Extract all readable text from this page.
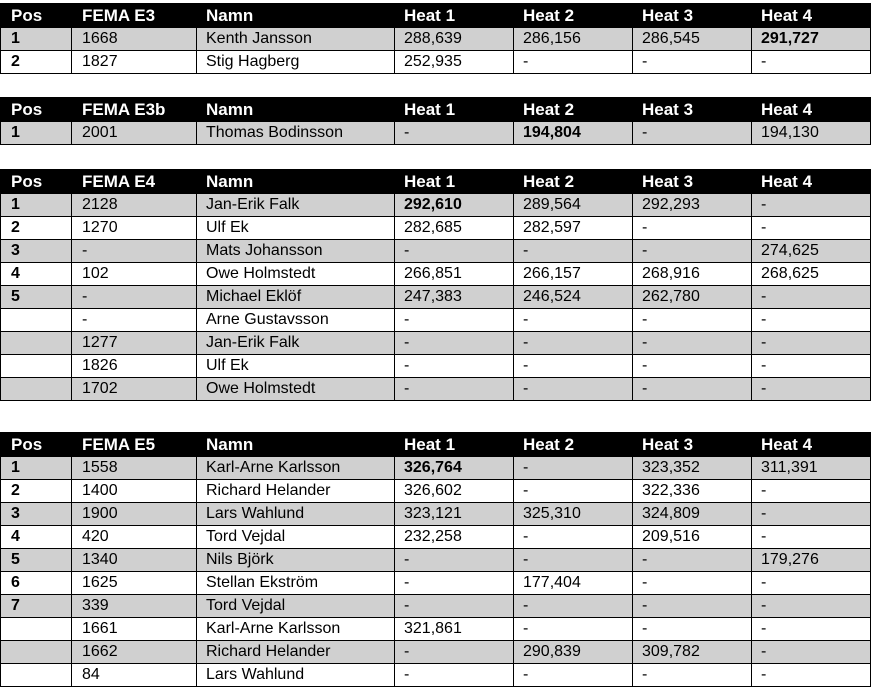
Pos	FEMA E3	Namn	Heat 1	Heat 2	Heat 3	Heat 4
1	1668	Kenth Jansson	288,639	286,156	286,545	291,727
2	1827	Stig Hagberg	252,935	-	-	-
Pos	FEMA E3b	Namn	Heat 1	Heat 2	Heat 3	Heat 4
1	2001	Thomas Bodinsson	-	194,804	-	194,130
Pos	FEMA E4	Namn	Heat 1	Heat 2	Heat 3	Heat 4
1	2128	Jan-Erik Falk	292,610	289,564	292,293	-
2	1270	Ulf Ek	282,685	282,597	-	-
3	-	Mats Johansson	-	-	-	274,625
4	102	Owe Holmstedt	266,851	266,157	268,916	268,625
5	-	Michael Eklöf	247,383	246,524	262,780	-
	-	Arne Gustavsson	-	-	-	-
	1277	Jan-Erik Falk	-	-	-	-
	1826	Ulf Ek	-	-	-	-
	1702	Owe Holmstedt	-	-	-	-
Pos	FEMA E5	Namn	Heat 1	Heat 2	Heat 3	Heat 4
1	1558	Karl-Arne Karlsson	326,764	-	323,352	311,391
2	1400	Richard Helander	326,602	-	322,336	-
3	1900	Lars Wahlund	323,121	325,310	324,809	-
4	420	Tord Vejdal	232,258	-	209,516	-
5	1340	Nils Björk	-	-	-	179,276
6	1625	Stellan Ekström	-	177,404	-	-
7	339	Tord Vejdal	-	-	-	-
	1661	Karl-Arne Karlsson	321,861	-	-	-
	1662	Richard Helander	-	290,839	309,782	-
	84	Lars Wahlund	-	-	-	-
